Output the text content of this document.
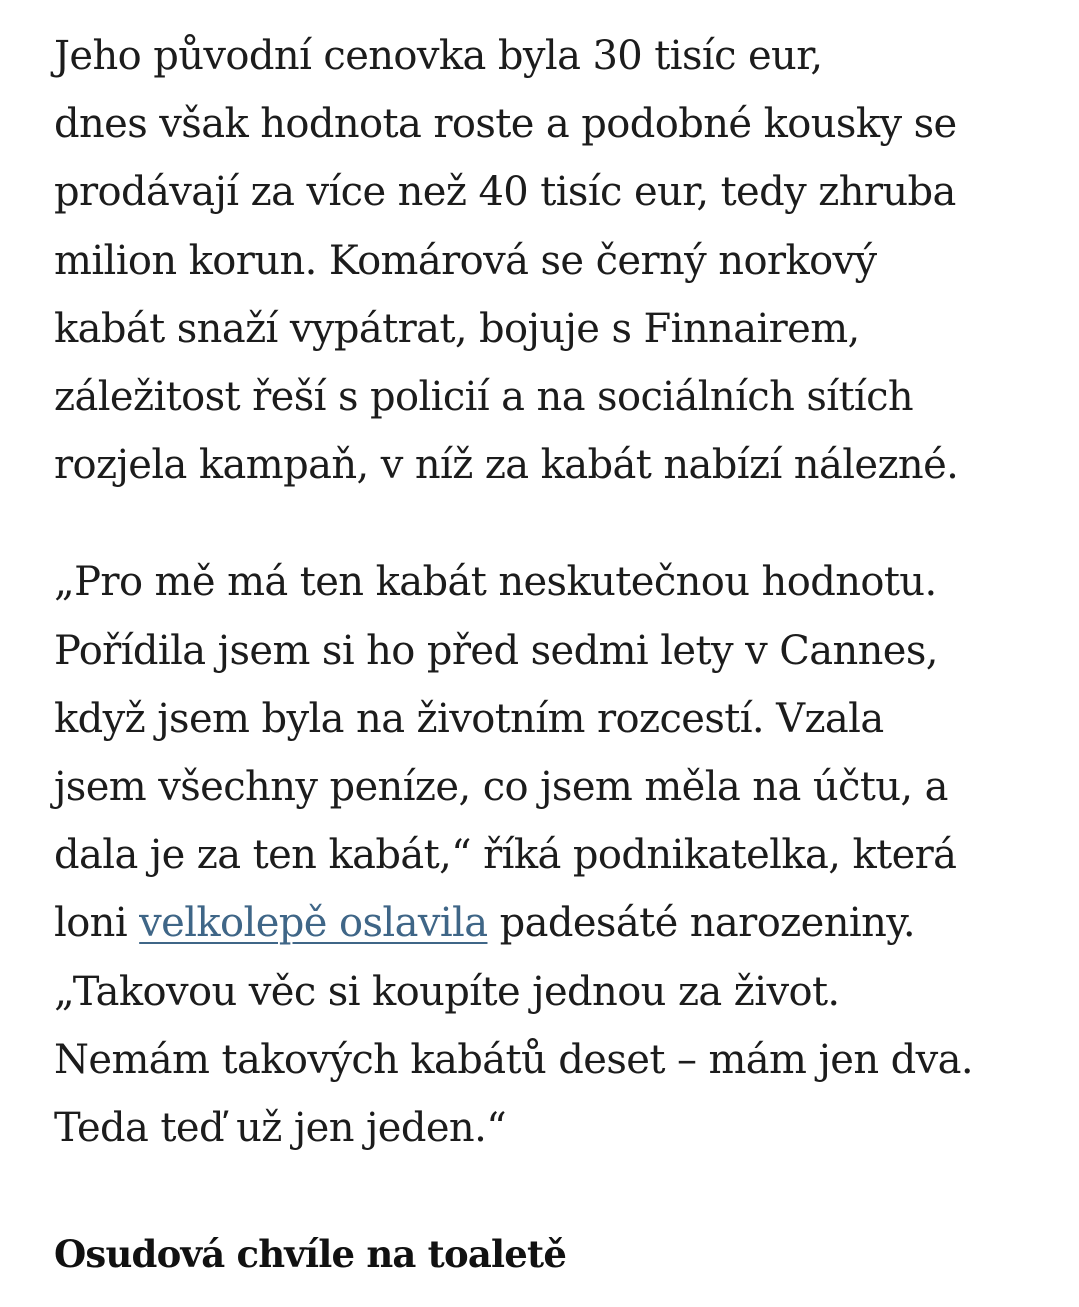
Jeho původní cenovka byla 30 tisíc eur,
dnes však hodnota roste a podobné kousky se
prodávají za více než 40 tisíc eur, tedy zhruba
milion korun. Komárová se černý norkový
kabát snaží vypátrat, bojuje s Finnairem,
záležitost řeší s policií a na sociálních sítích
rozjela kampaň, v níž za kabát nabízí nálezné.

„Pro mě má ten kabát neskutečnou hodnotu.
Pořídila jsem si ho před sedmi lety v Cannes,
když jsem byla na životním rozcestí. Vzala
jsem všechny peníze, co jsem měla na účtu, a
dala je za ten kabát,“ říká podnikatelka, která
loni velkolepě oslavila padesáté narozeniny.
„Takovou věc si koupíte jednou za život.
Nemám takových kabátů deset – mám jen dva.
Teda teď už jen jeden.“

Osudová chvíle na toaletě
